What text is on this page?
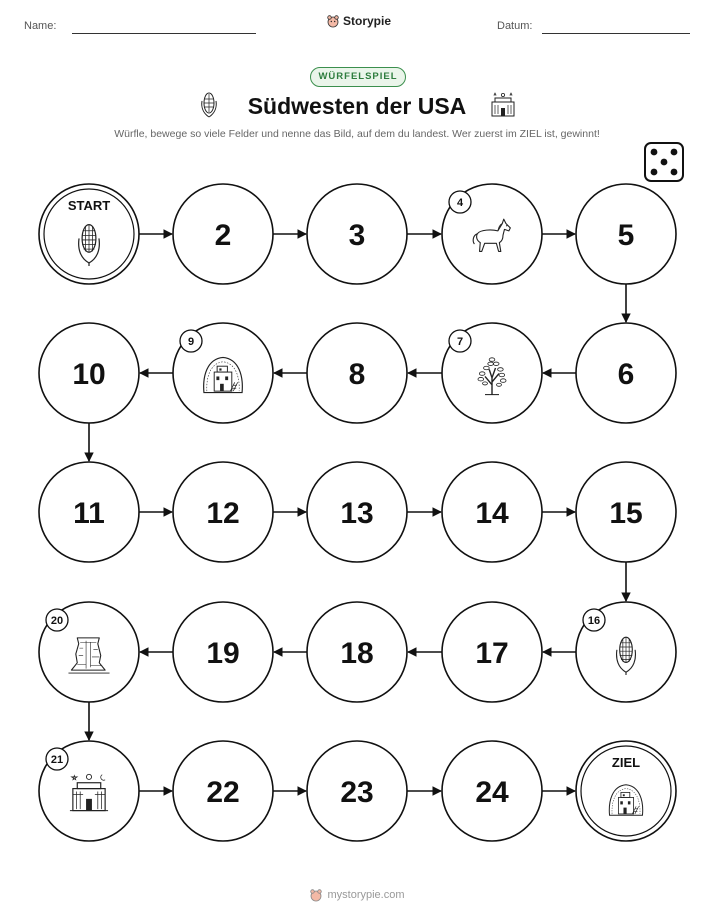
Name:	Storypie	Datum:
WÜRFELSPIEL
Südwesten der USA
Würfle, bewege so viele Felder und nenne das Bild, auf dem du landest. Wer zuerst im ZIEL ist, gewinnt!
START
2	3
4
5
6
7
8
9
10
11	12	13	14	15
16
17
18
19
20
21
22	23	24
ZIEL
mystorypie.com
